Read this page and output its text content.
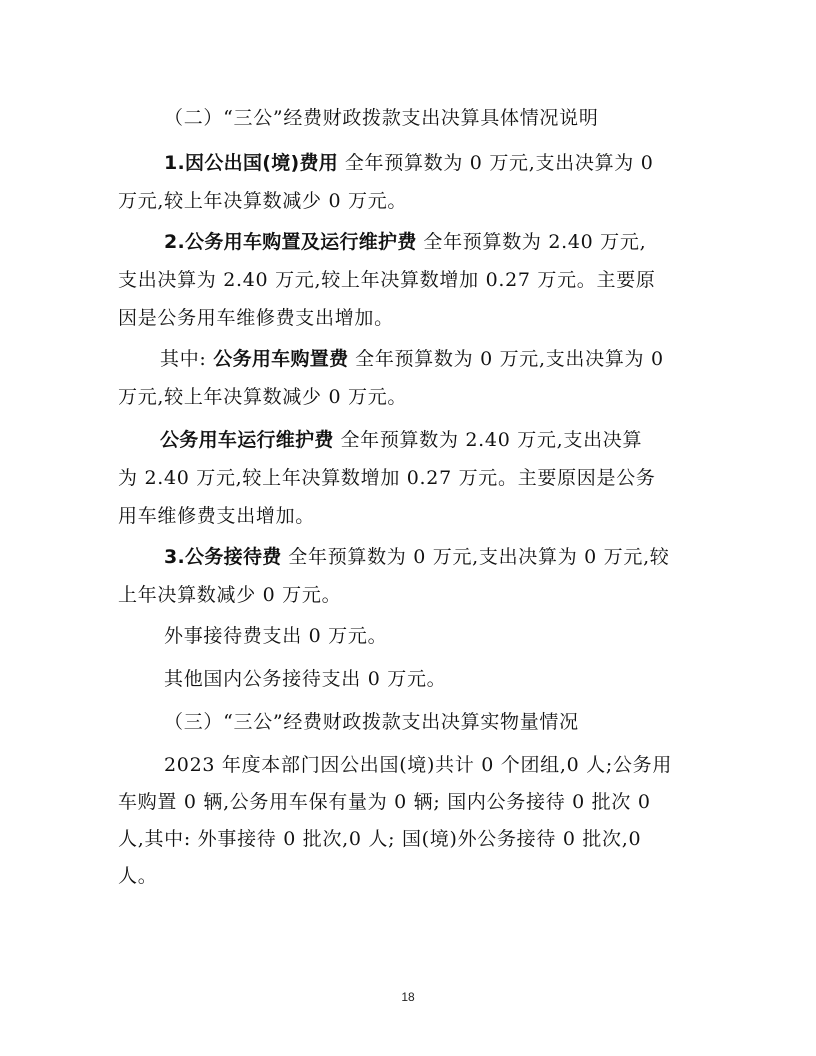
（二）“三公”经费财政拨款支出决算具体情况说明
1.因公出国(境)费用 全年预算数为 0 万元,支出决算为 0
万元,较上年决算数减少 0 万元。
2.公务用车购置及运行维护费 全年预算数为 2.40 万元,
支出决算为 2.40 万元,较上年决算数增加 0.27 万元。主要原
因是公务用车维修费支出增加。
其中: 公务用车购置费 全年预算数为 0 万元,支出决算为 0
万元,较上年决算数减少 0 万元。
公务用车运行维护费 全年预算数为 2.40 万元,支出决算
为 2.40 万元,较上年决算数增加 0.27 万元。主要原因是公务
用车维修费支出增加。
3.公务接待费 全年预算数为 0 万元,支出决算为 0 万元,较
上年决算数减少 0 万元。
外事接待费支出 0 万元。
其他国内公务接待支出 0 万元。
（三）“三公”经费财政拨款支出决算实物量情况
2023 年度本部门因公出国(境)共计 0 个团组,0 人;公务用
车购置 0 辆,公务用车保有量为 0 辆; 国内公务接待 0 批次 0
人,其中: 外事接待 0 批次,0 人; 国(境)外公务接待 0 批次,0
人。
18
